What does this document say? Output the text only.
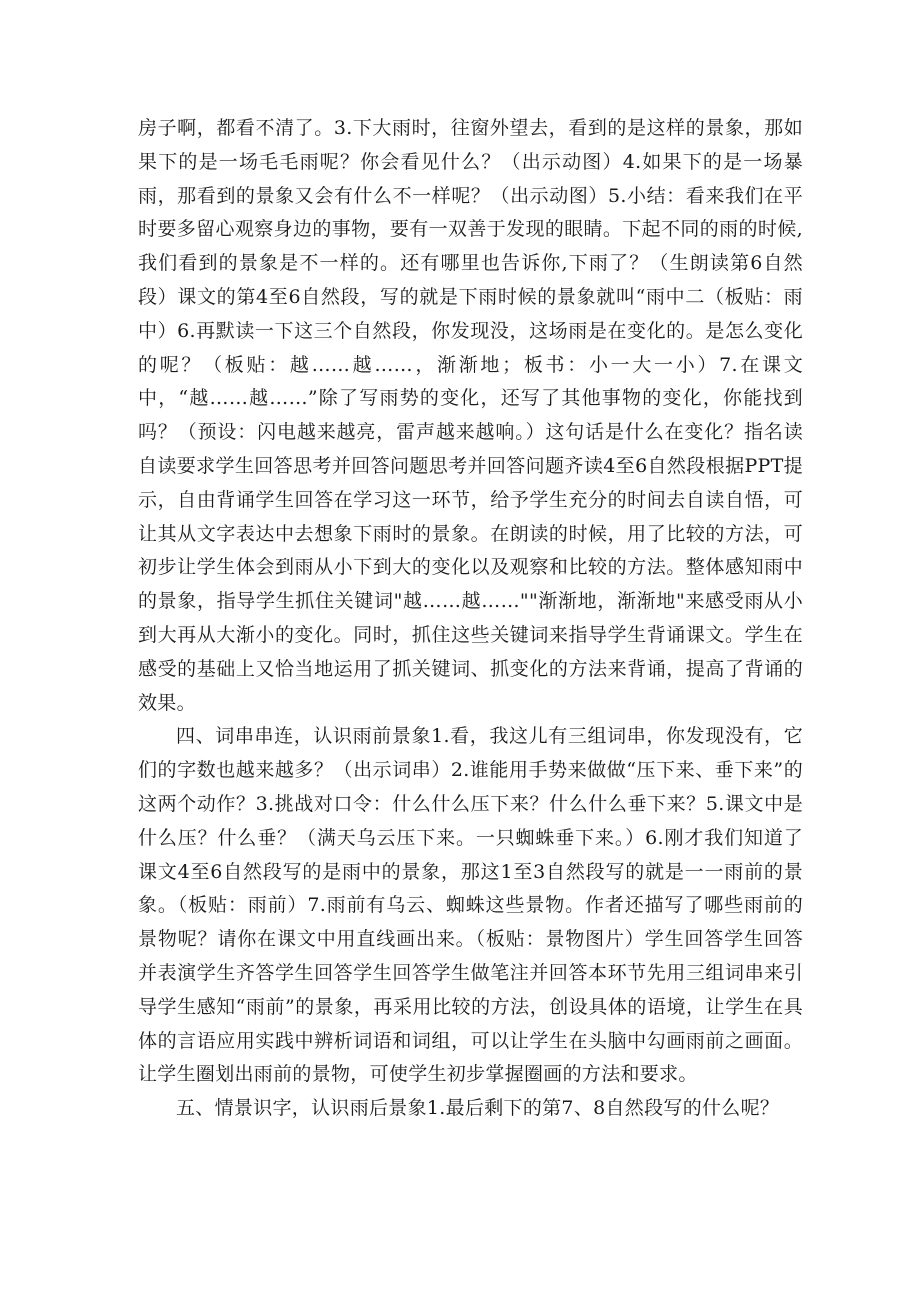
房子啊，都看不清了。3.下大雨时，往窗外望去，看到的是这样的景象，那如果下的是一场毛毛雨呢？你会看见什么？（出示动图）4.如果下的是一场暴雨，那看到的景象又会有什么不一样呢？（出示动图）5.小结：看来我们在平时要多留心观察身边的事物，要有一双善于发现的眼睛。下起不同的雨的时候,我们看到的景象是不一样的。还有哪里也告诉你,下雨了？（生朗读第6自然段）课文的第4至6自然段，写的就是下雨时候的景象就叫“雨中二（板贴：雨中）6.再默读一下这三个自然段，你发现没，这场雨是在变化的。是怎么变化的呢？（板贴：越……越……，渐渐地；板书：小一大一小）7.在课文中，“越……越……”除了写雨势的变化，还写了其他事物的变化，你能找到吗？（预设：闪电越来越亮，雷声越来越响。）这句话是什么在变化？指名读自读要求学生回答思考并回答问题思考并回答问题齐读4至6自然段根据PPT提示，自由背诵学生回答在学习这一环节，给予学生充分的时间去自读自悟，可让其从文字表达中去想象下雨时的景象。在朗读的时候，用了比较的方法，可初步让学生体会到雨从小下到大的变化以及观察和比较的方法。整体感知雨中的景象，指导学生抓住关键词"越……越……""渐渐地，渐渐地"来感受雨从小到大再从大渐小的变化。同时，抓住这些关键词来指导学生背诵课文。学生在感受的基础上又恰当地运用了抓关键词、抓变化的方法来背诵，提高了背诵的效果。

四、词串串连，认识雨前景象1.看，我这儿有三组词串，你发现没有，它们的字数也越来越多？（出示词串）2.谁能用手势来做做“压下来、垂下来”的这两个动作？3.挑战对口令：什么什么压下来？什么什么垂下来？5.课文中是什么压？什么垂？（满天乌云压下来。一只蜘蛛垂下来。）6.刚才我们知道了课文4至6自然段写的是雨中的景象，那这1至3自然段写的就是一一雨前的景象。（板贴：雨前）7.雨前有乌云、蜘蛛这些景物。作者还描写了哪些雨前的景物呢？请你在课文中用直线画出来。（板贴：景物图片）学生回答学生回答并表演学生齐答学生回答学生回答学生做笔注并回答本环节先用三组词串来引导学生感知“雨前”的景象，再采用比较的方法，创设具体的语境，让学生在具体的言语应用实践中辨析词语和词组，可以让学生在头脑中勾画雨前之画面。让学生圈划出雨前的景物，可使学生初步掌握圈画的方法和要求。

五、情景识字，认识雨后景象1.最后剩下的第7、8自然段写的什么呢？
